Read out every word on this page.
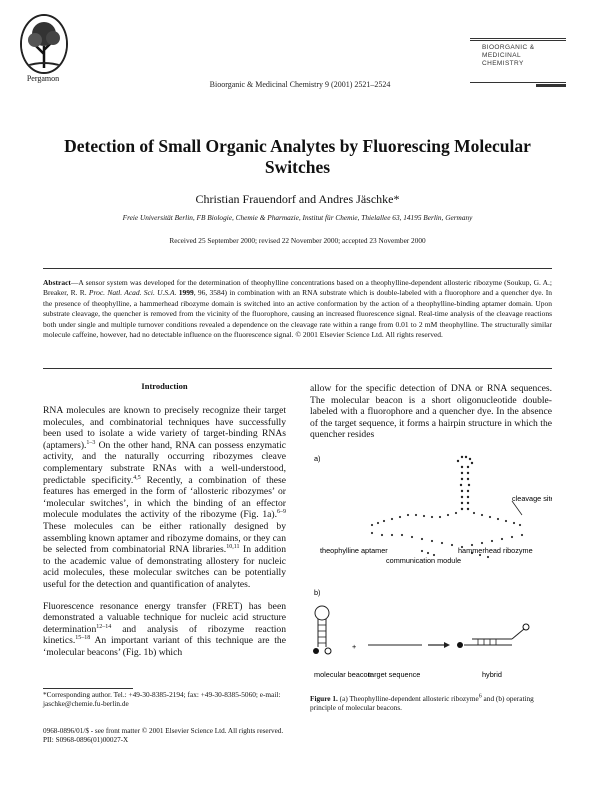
Pergamon
Bioorganic & Medicinal Chemistry 9 (2001) 2521–2524
BIOORGANIC &
MEDICINAL
CHEMISTRY
Detection of Small Organic Analytes by Fluorescing Molecular Switches
Christian Frauendorf and Andres Jäschke*
Freie Universität Berlin, FB Biologie, Chemie & Pharmazie, Institut für Chemie, Thielallee 63, 14195 Berlin, Germany
Received 25 September 2000; revised 22 November 2000; accepted 23 November 2000
Abstract—A sensor system was developed for the determination of theophylline concentrations based on a theophylline-dependent allosteric ribozyme (Soukup, G. A.; Breaker, R. R. Proc. Natl. Acad. Sci. U.S.A. 1999, 96, 3584) in combination with an RNA substrate which is double-labeled with a fluorophore and a quencher dye. In the presence of theophylline, a hammerhead ribozyme domain is switched into an active conformation by the action of a theophylline-binding aptamer domain. Upon substrate cleavage, the quencher is removed from the vicinity of the fluorophore, causing an increased fluorescence signal. Real-time analysis of the cleavage reactions both under single and multiple turnover conditions revealed a dependence on the cleavage rate within a range from 0.01 to 2 mM theophylline. The structurally similar molecule caffeine, however, had no detectable influence on the fluorescence signal. © 2001 Elsevier Science Ltd. All rights reserved.
Introduction

RNA molecules are known to precisely recognize their target molecules, and combinatorial techniques have successfully been used to isolate a wide variety of target-binding RNAs (aptamers).$^{1-3}$ On the other hand, RNA can possess enzymatic activity, and the naturally occurring ribozymes cleave complementary substrate RNAs with a well-understood, predictable specificity.$^{4,5}$ Recently, a combination of these features has emerged in the form of ‘allosteric ribozymes’ or ‘molecular switches’, in which the binding of an effector molecule modulates the activity of the ribozyme (Fig. 1a).$^{6-9}$ These molecules can be either rationally designed by assembling known aptamer and ribozyme domains, or they can be selected from combinatorial RNA libraries.$^{10,11}$ In addition to the academic value of demonstrating allostery for nucleic acid molecules, these molecular switches can be potentially useful for the detection and quantification of analytes.

Fluorescence resonance energy transfer (FRET) has been demonstrated a valuable technique for nucleic acid structure determination$^{12-14}$ and analysis of ribozyme reaction kinetics.$^{15-18}$ An important variant of this technique are the ‘molecular beacons’ (Fig. 1b) which

allow for the specific detection of DNA or RNA sequences. The molecular beacon is a short oligonucleotide double-labeled with a fluorophore and a quencher dye. In the absence of the target sequence, it forms a hairpin structure in which the quencher resides

a)
cleavage site
theophylline aptamer	hammerhead ribozyme
communication module
b)
+
molecular beacon
target sequence	hybrid
Figure 1. (a) Theophylline-dependent allosteric ribozyme$^6$ and (b) operating principle of molecular beacons.
*Corresponding author. Tel.: +49-30-8385-2194; fax: +49-30-8385-5060; e-mail: jaschke@chemie.fu-berlin.de
0968-0896/01/$ - see front matter © 2001 Elsevier Science Ltd. All rights reserved.
PII: S0968-0896(01)00027-X
